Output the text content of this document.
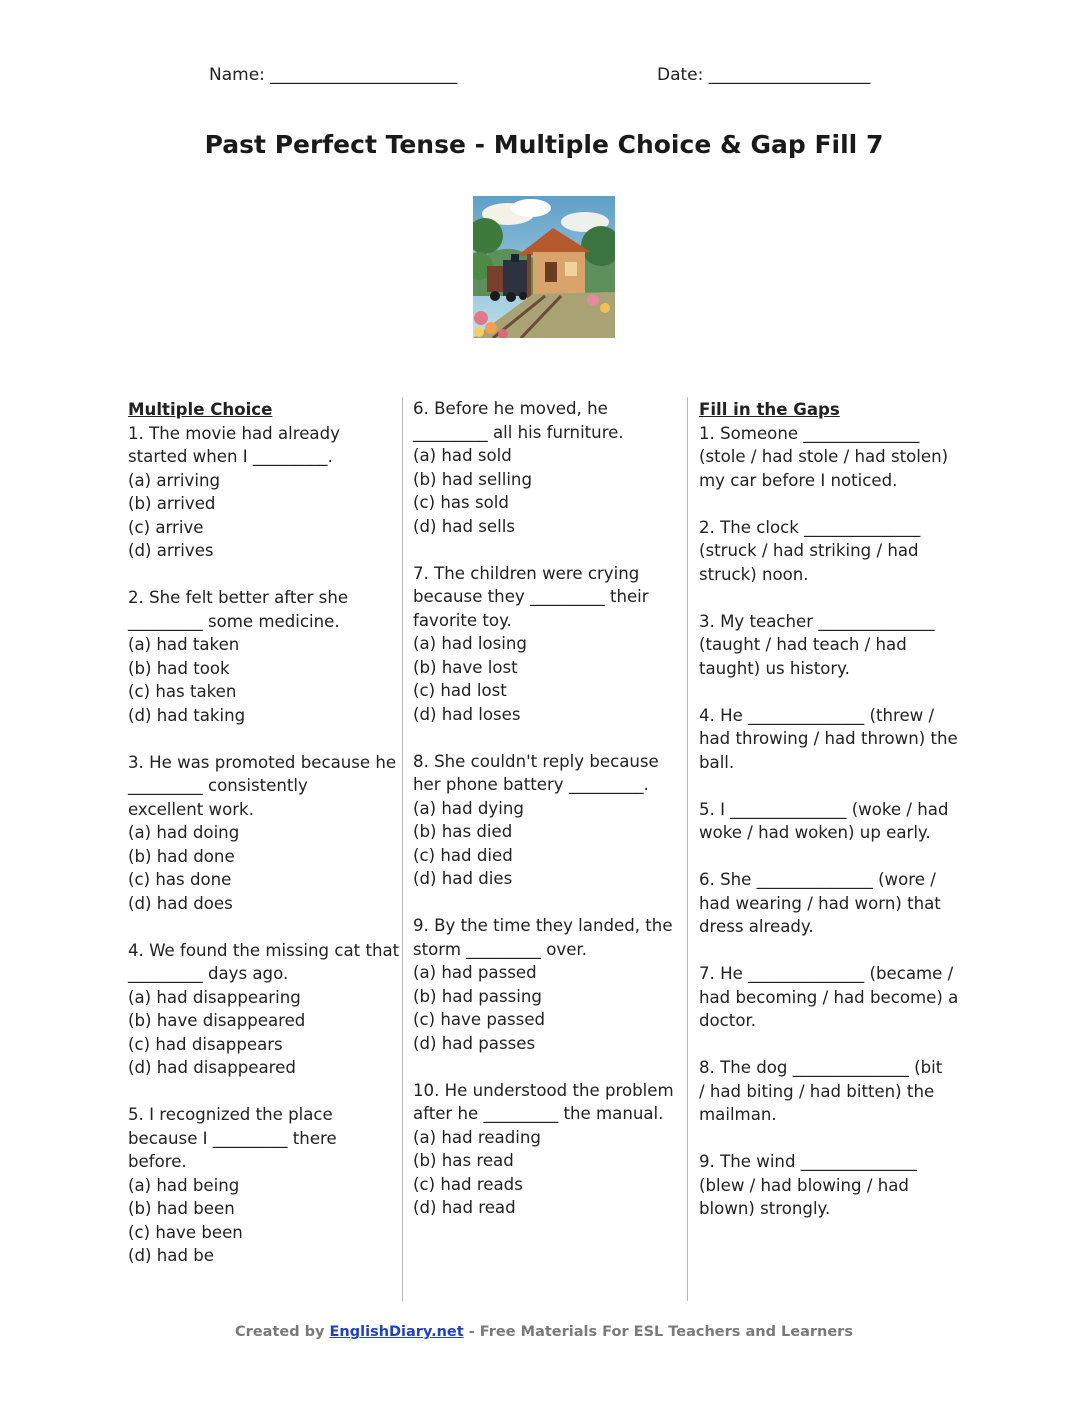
Name: ______________________	Date: ___________________
Past Perfect Tense - Multiple Choice & Gap Fill 7
Multiple Choice
1. The movie had already
started when I _________.
(a) arriving
(b) arrived
(c) arrive
(d) arrives
2. She felt better after she
_________ some medicine.
(a) had taken
(b) had took
(c) has taken
(d) had taking
3. He was promoted because he
_________ consistently
excellent work.
(a) had doing
(b) had done
(c) has done
(d) had does
4. We found the missing cat that
_________ days ago.
(a) had disappearing
(b) have disappeared
(c) had disappears
(d) had disappeared
5. I recognized the place
because I _________ there
before.
(a) had being
(b) had been
(c) have been
(d) had be
6. Before he moved, he
_________ all his furniture.
(a) had sold
(b) had selling
(c) has sold
(d) had sells
7. The children were crying
because they _________ their
favorite toy.
(a) had losing
(b) have lost
(c) had lost
(d) had loses
8. She couldn't reply because
her phone battery _________.
(a) had dying
(b) has died
(c) had died
(d) had dies
9. By the time they landed, the
storm _________ over.
(a) had passed
(b) had passing
(c) have passed
(d) had passes
10. He understood the problem
after he _________ the manual.
(a) had reading
(b) has read
(c) had reads
(d) had read
Fill in the Gaps
1. Someone ______________
(stole / had stole / had stolen)
my car before I noticed.
2. The clock ______________
(struck / had striking / had
struck) noon.
3. My teacher ______________
(taught / had teach / had
taught) us history.
4. He ______________ (threw /
had throwing / had thrown) the
ball.
5. I ______________ (woke / had
woke / had woken) up early.
6. She ______________ (wore /
had wearing / had worn) that
dress already.
7. He ______________ (became /
had becoming / had become) a
doctor.
8. The dog ______________ (bit
/ had biting / had bitten) the
mailman.
9. The wind ______________
(blew / had blowing / had
blown) strongly.
Created by EnglishDiary.net - Free Materials For ESL Teachers and Learners
